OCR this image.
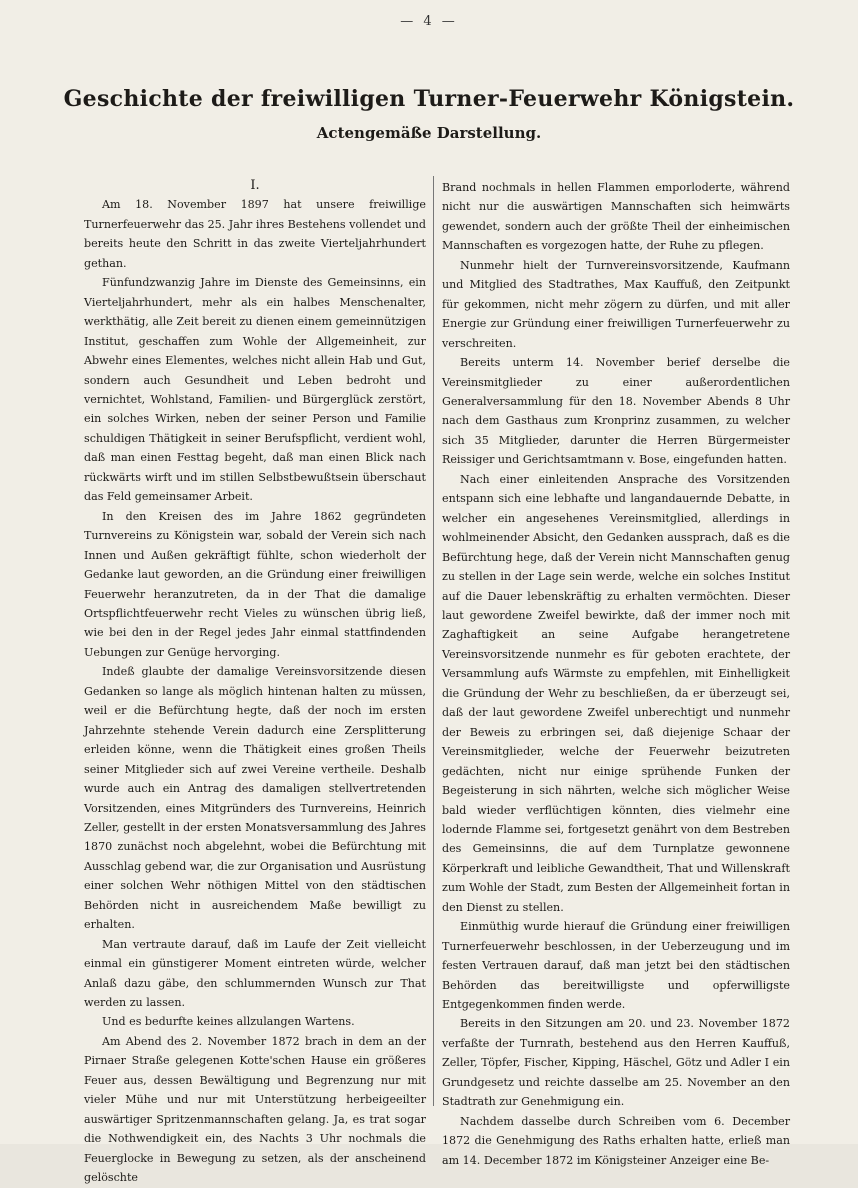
— 4 —
Geschichte der freiwilligen Turner-Feuerwehr Königstein.
Actengemäße Darstellung.

I.

Am 18. November 1897 hat unsere freiwillige Turnerfeuerwehr das 25. Jahr ihres Bestehens vollendet und bereits heute den Schritt in das zweite Vierteljahrhundert gethan.

Fünfundzwanzig Jahre im Dienste des Gemeinsinns, ein Vierteljahrhundert, mehr als ein halbes Menschenalter, werkthätig, alle Zeit bereit zu dienen einem gemeinnützigen Institut, geschaffen zum Wohle der Allgemeinheit, zur Abwehr eines Elementes, welches nicht allein Hab und Gut, sondern auch Gesundheit und Leben bedroht und vernichtet, Wohlstand, Familien- und Bürgerglück zerstört, ein solches Wirken, neben der seiner Person und Familie schuldigen Thätigkeit in seiner Berufspflicht, verdient wohl, daß man einen Festtag begeht, daß man einen Blick nach rückwärts wirft und im stillen Selbstbewußtsein überschaut das Feld gemeinsamer Arbeit.

In den Kreisen des im Jahre 1862 gegründeten Turnvereins zu Königstein war, sobald der Verein sich nach Innen und Außen gekräftigt fühlte, schon wiederholt der Gedanke laut geworden, an die Gründung einer freiwilligen Feuerwehr heranzutreten, da in der That die damalige Ortspflichtfeuerwehr recht Vieles zu wünschen übrig ließ, wie bei den in der Regel jedes Jahr einmal stattfindenden Uebungen zur Genüge hervorging.

Indeß glaubte der damalige Vereinsvorsitzende diesen Gedanken so lange als möglich hintenan halten zu müssen, weil er die Befürchtung hegte, daß der noch im ersten Jahrzehnte stehende Verein dadurch eine Zersplitterung erleiden könne, wenn die Thätigkeit eines großen Theils seiner Mitglieder sich auf zwei Vereine vertheile. Deshalb wurde auch ein Antrag des damaligen stellvertretenden Vorsitzenden, eines Mitgründers des Turnvereins, Heinrich Zeller, gestellt in der ersten Monatsversammlung des Jahres 1870 zunächst noch abgelehnt, wobei die Befürchtung mit Ausschlag gebend war, die zur Organisation und Ausrüstung einer solchen Wehr nöthigen Mittel von den städtischen Behörden nicht in ausreichendem Maße bewilligt zu erhalten.

Man vertraute darauf, daß im Laufe der Zeit vielleicht einmal ein günstigerer Moment eintreten würde, welcher Anlaß dazu gäbe, den schlummernden Wunsch zur That werden zu lassen.

Und es bedurfte keines allzulangen Wartens.

Am Abend des 2. November 1872 brach in dem an der Pirnaer Straße gelegenen Kotte'schen Hause ein größeres Feuer aus, dessen Bewältigung und Begrenzung nur mit vieler Mühe und nur mit Unterstützung herbeigeeilter auswärtiger Spritzenmannschaften gelang. Ja, es trat sogar die Nothwendigkeit ein, des Nachts 3 Uhr nochmals die Feuerglocke in Bewegung zu setzen, als der anscheinend gelöschte

Brand nochmals in hellen Flammen emporloderte, während nicht nur die auswärtigen Mannschaften sich heimwärts gewendet, sondern auch der größte Theil der einheimischen Mannschaften es vorgezogen hatte, der Ruhe zu pflegen.

Nunmehr hielt der Turnvereinsvorsitzende, Kaufmann und Mitglied des Stadtrathes, Max Kauffuß, den Zeitpunkt für gekommen, nicht mehr zögern zu dürfen, und mit aller Energie zur Gründung einer freiwilligen Turnerfeuerwehr zu verschreiten.

Bereits unterm 14. November berief derselbe die Vereinsmitglieder zu einer außerordentlichen Generalversammlung für den 18. November Abends 8 Uhr nach dem Gasthaus zum Kronprinz zusammen, zu welcher sich 35 Mitglieder, darunter die Herren Bürgermeister Reissiger und Gerichtsamtmann v. Bose, eingefunden hatten.

Nach einer einleitenden Ansprache des Vorsitzenden entspann sich eine lebhafte und langandauernde Debatte, in welcher ein angesehenes Vereinsmitglied, allerdings in wohlmeinender Absicht, den Gedanken aussprach, daß es die Befürchtung hege, daß der Verein nicht Mannschaften genug zu stellen in der Lage sein werde, welche ein solches Institut auf die Dauer lebenskräftig zu erhalten vermöchten. Dieser laut gewordene Zweifel bewirkte, daß der immer noch mit Zaghaftigkeit an seine Aufgabe herangetretene Vereinsvorsitzende nunmehr es für geboten erachtete, der Versammlung aufs Wärmste zu empfehlen, mit Einhelligkeit die Gründung der Wehr zu beschließen, da er überzeugt sei, daß der laut gewordene Zweifel unberechtigt und nunmehr der Beweis zu erbringen sei, daß diejenige Schaar der Vereinsmitglieder, welche der Feuerwehr beizutreten gedächten, nicht nur einige sprühende Funken der Begeisterung in sich nährten, welche sich möglicher Weise bald wieder verflüchtigen könnten, dies vielmehr eine lodernde Flamme sei, fortgesetzt genährt von dem Bestreben des Gemeinsinns, die auf dem Turnplatze gewonnene Körperkraft und leibliche Gewandtheit, That und Willenskraft zum Wohle der Stadt, zum Besten der Allgemeinheit fortan in den Dienst zu stellen.

Einmüthig wurde hierauf die Gründung einer freiwilligen Turnerfeuerwehr beschlossen, in der Ueberzeugung und im festen Vertrauen darauf, daß man jetzt bei den städtischen Behörden das bereitwilligste und opferwilligste Entgegenkommen finden werde.

Bereits in den Sitzungen am 20. und 23. November 1872 verfaßte der Turnrath, bestehend aus den Herren Kauffuß, Zeller, Töpfer, Fischer, Kipping, Häschel, Götz und Adler I ein Grundgesetz und reichte dasselbe am 25. November an den Stadtrath zur Genehmigung ein.

Nachdem dasselbe durch Schreiben vom 6. December 1872 die Genehmigung des Raths erhalten hatte, erließ man am 14. December 1872 im Königsteiner Anzeiger eine Be-
